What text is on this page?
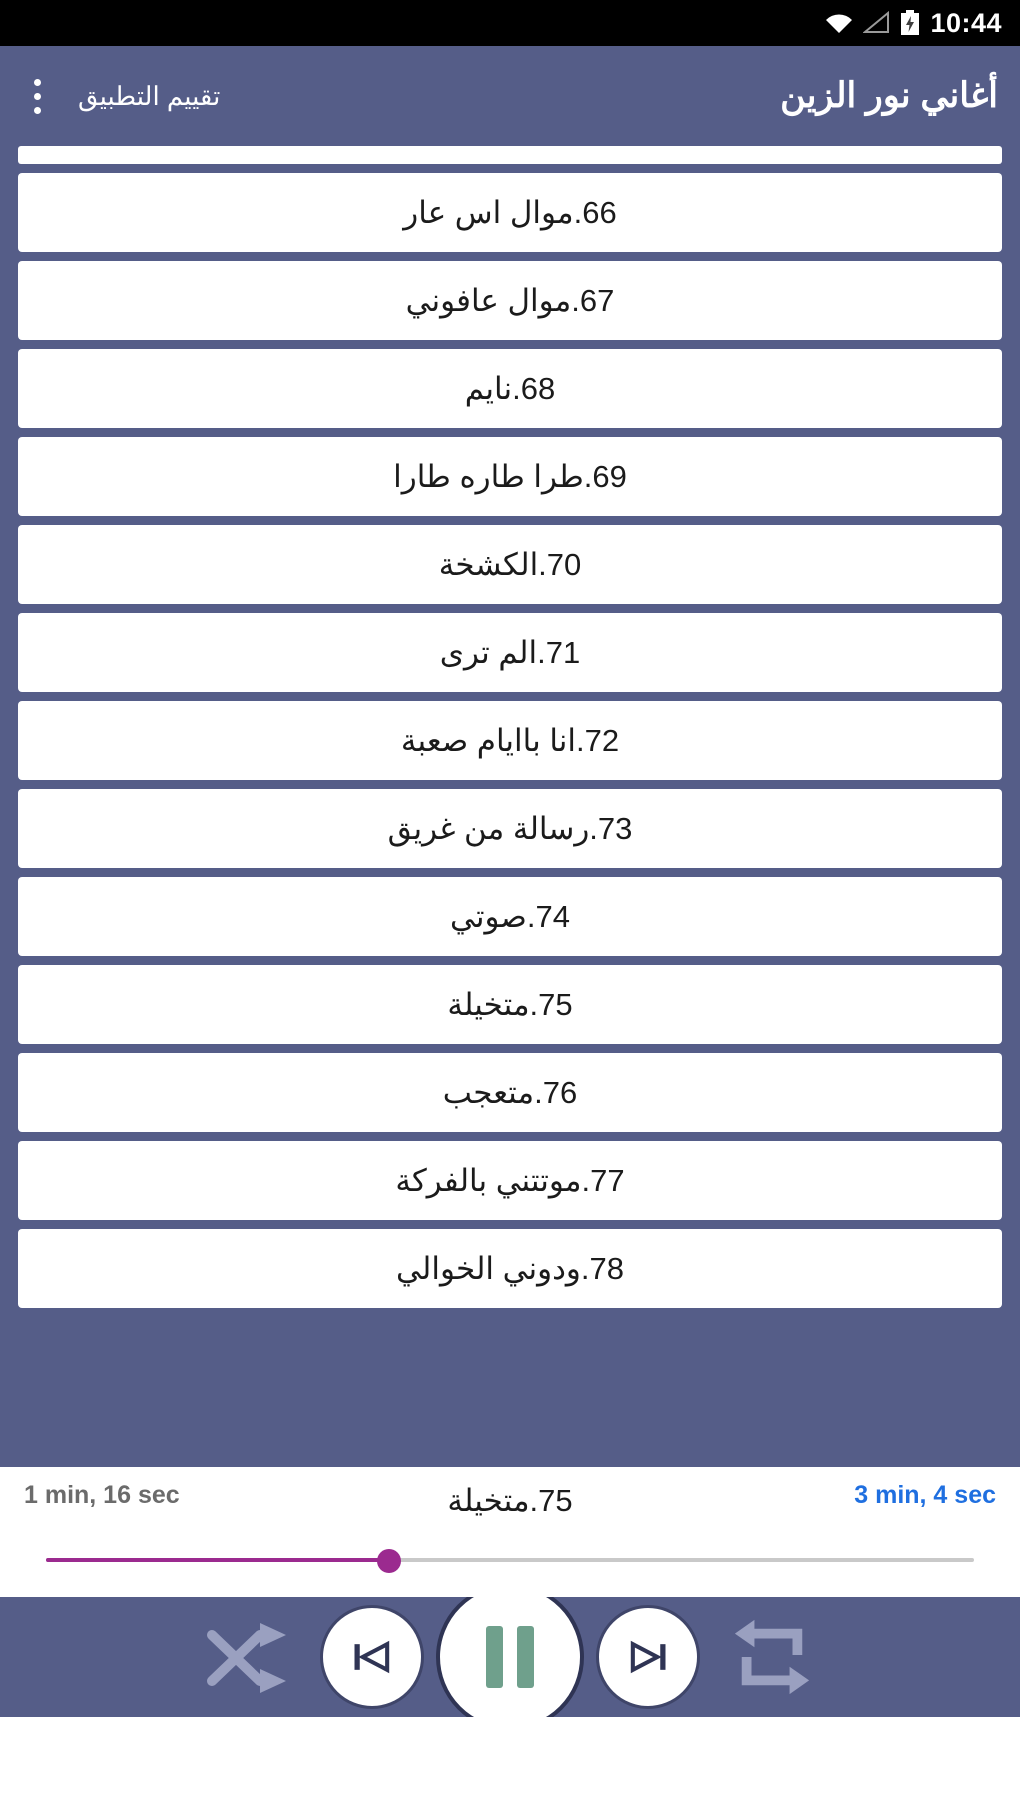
10:44
أغاني نور الزين
تقييم التطبيق
66.موال اس عار
67.موال عافوني
68.نايم
69.طرا طاره طارا
70.الكشخة
71.الم ترى
72.انا باايام صعبة
73.رسالة من غريق
74.صوتي
75.متخيلة
76.متعجب
77.موتتني بالفركة
78.ودوني الخوالي
1 min, 16 sec	3 min, 4 sec
75.متخيلة
